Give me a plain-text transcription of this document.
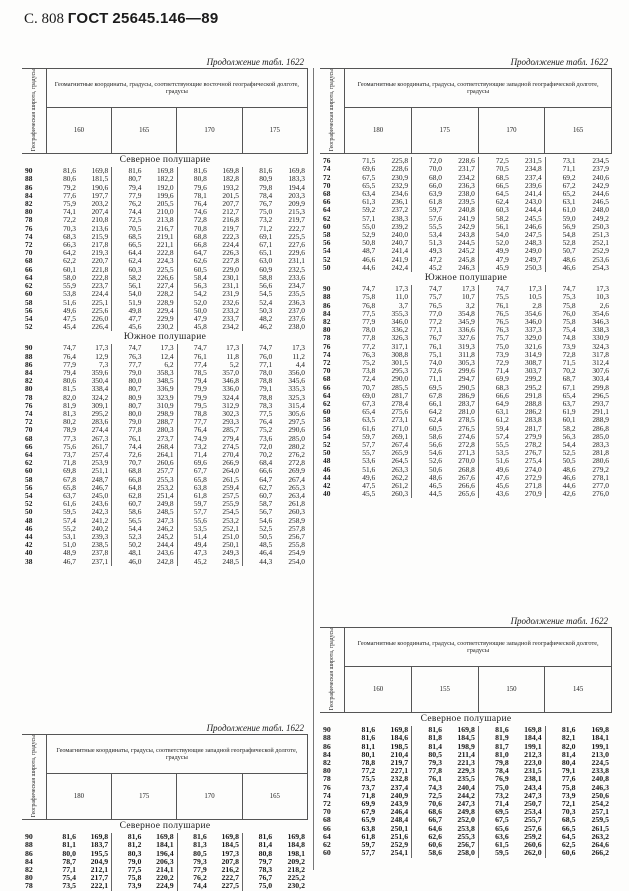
С. 808 ГОСТ 25645.146—89
Продолжение табл. 1622
Географическая широта, градусы	Геомагнитные координаты, градусы, соответствующие восточной географической долготе, градусы			
	160	165	170	175
Северное полушарие
90	81,6	169,8	81,6	169,8	81,6	169,8	81,6	169,8
88	80,6	181,5	80,7	182,2	80,8	182,8	80,9	183,3
86	79,2	190,6	79,4	192,0	79,6	193,2	79,8	194,4
84	77,6	197,7	77,9	199,6	78,1	201,5	78,4	203,3
82	75,9	203,2	76,2	205,5	76,4	207,7	76,7	209,9
80	74,1	207,4	74,4	210,0	74,6	212,7	75,0	215,3
78	72,2	210,8	72,5	213,8	72,8	216,8	73,2	219,7
76	70,3	213,6	70,5	216,7	70,8	219,7	71,2	222,7
74	68,3	215,9	68,5	219,1	68,8	222,3	69,1	225,5
72	66,3	217,8	66,5	221,1	66,8	224,4	67,1	227,6
70	64,2	219,3	64,4	222,8	64,7	226,3	65,1	229,6
68	62,2	220,7	62,4	224,3	62,6	227,8	63,0	231,1
66	60,1	221,8	60,3	225,5	60,5	229,0	60,9	232,5
64	58,0	222,8	58,2	226,6	58,4	230,1	58,8	233,6
62	55,9	223,7	56,1	227,4	56,3	231,1	56,6	234,7
60	53,8	224,4	54,0	228,2	54,2	231,9	54,5	235,5
58	51,6	225,1	51,9	228,9	52,0	232,6	52,4	236,3
56	49,6	225,6	49,8	229,4	50,0	233,2	50,3	237,0
54	47,5	226,0	47,7	229,9	47,9	233,7	48,2	237,6
52	45,4	226,4	45,6	230,2	45,8	234,2	46,2	238,0
Южное полушарие
90	74,7	17,3	74,7	17,3	74,7	17,3	74,7	17,3
88	76,4	12,9	76,3	12,4	76,1	11,8	76,0	11,2
86	77,9	7,3	77,7	6,2	77,4	5,2	77,1	4,4
84	79,4	359,6	79,0	358,3	78,5	357,0	78,0	356,0
82	80,6	350,4	80,0	348,5	79,4	346,8	78,8	345,6
80	81,5	338,4	80,7	336,9	79,9	336,0	79,1	335,3
78	82,0	324,2	80,9	323,9	79,9	324,4	78,8	325,3
76	81,9	309,1	80,7	310,9	79,5	312,9	78,3	315,4
74	81,3	295,2	80,0	298,9	78,8	302,3	77,5	305,6
72	80,2	283,6	79,0	288,7	77,7	293,3	76,4	297,5
70	78,9	274,4	77,8	280,3	76,4	285,7	75,2	290,6
68	77,3	267,3	76,1	273,7	74,9	279,4	73,6	285,0
66	75,6	261,7	74,4	268,4	73,2	274,5	72,0	280,2
64	73,7	257,4	72,6	264,1	71,4	270,4	70,2	276,2
62	71,8	253,9	70,7	260,6	69,6	266,9	68,4	272,8
60	69,8	251,1	68,8	257,7	67,7	264,0	66,6	269,9
58	67,8	248,7	66,8	255,3	65,8	261,5	64,7	267,4
56	65,8	246,7	64,8	253,2	63,8	259,4	62,7	265,3
54	63,7	245,0	62,8	251,4	61,8	257,5	60,7	263,4
52	61,6	243,6	60,7	249,8	59,7	255,9	58,7	261,8
50	59,5	242,3	58,6	248,5	57,7	254,5	56,7	260,3
48	57,4	241,2	56,5	247,3	55,6	253,2	54,6	258,9
46	55,2	240,2	54,4	246,2	53,5	252,1	52,5	257,8
44	53,1	239,3	52,3	245,2	51,4	251,0	50,5	256,7
42	51,0	238,5	50,2	244,4	49,4	250,1	48,5	255,8
40	48,9	237,8	48,1	243,6	47,3	249,3	46,4	254,9
38	46,7	237,1	46,0	242,8	45,2	248,5	44,3	254,0
Продолжение табл. 1622
Географическая широта, градусы	Геомагнитные координаты, градусы, соответствующие западной географической долготе, градусы			
	180	175	170	165
Северное полушарие
90	81,6	169,8	81,6	169,8	81,6	169,8	81,6	169,8
88	81,1	183,7	81,2	184,1	81,3	184,5	81,4	184,8
86	80,0	195,5	80,3	196,4	80,5	197,3	80,8	198,1
84	78,7	204,9	79,0	206,3	79,3	207,8	79,7	209,2
82	77,1	212,1	77,5	214,1	77,9	216,2	78,3	218,2
80	75,4	217,7	75,8	220,2	76,2	222,7	76,7	225,2
78	73,5	222,1	73,9	224,9	74,4	227,5	75,0	230,2
Продолжение табл. 1622
Географическая широта, градусы	Геомагнитные координаты, градусы, соответствующие западной географической долготе, градусы			
	180	175	170	165
76	71,5	225,8	72,0	228,6	72,5	231,5	73,1	234,5
74	69,6	228,6	70,0	231,7	70,5	234,8	71,1	237,9
72	67,5	230,9	68,0	234,2	68,5	237,4	69,2	240,6
70	65,5	232,9	66,0	236,3	66,5	239,6	67,2	242,9
68	63,4	234,6	63,9	238,0	64,5	241,4	65,2	244,6
66	61,3	236,1	61,8	239,5	62,4	243,0	63,1	246,5
64	59,2	237,2	59,7	240,8	60,3	244,4	61,0	248,0
62	57,1	238,3	57,6	241,9	58,2	245,5	59,0	249,2
60	55,0	239,2	55,5	242,9	56,1	246,6	56,9	250,3
58	52,9	240,0	53,4	243,8	54,0	247,5	54,8	251,3
56	50,8	240,7	51,3	244,5	52,0	248,3	52,8	252,1
54	48,7	241,4	49,3	245,2	49,9	249,0	50,7	252,9
52	46,6	241,9	47,2	245,8	47,9	249,7	48,6	253,6
50	44,6	242,4	45,2	246,3	45,9	250,3	46,6	254,3
Южное полушарие
90	74,7	17,3	74,7	17,3	74,7	17,3	74,7	17,3
88	75,8	11,0	75,7	10,7	75,5	10,5	75,3	10,3
86	76,8	3,7	76,5	3,2	76,1	2,8	75,8	2,6
84	77,5	355,3	77,0	354,8	76,5	354,6	76,0	354,6
82	77,9	346,0	77,2	345,9	76,5	346,0	75,8	346,3
80	78,0	336,2	77,1	336,6	76,3	337,3	75,4	338,3
78	77,8	326,3	76,7	327,6	75,7	329,0	74,8	330,9
76	77,2	317,1	76,1	319,3	75,0	321,6	73,9	324,3
74	76,3	308,8	75,1	311,8	73,9	314,9	72,8	317,8
72	75,2	301,5	74,0	305,3	72,9	308,7	71,5	312,4
70	73,8	295,3	72,6	299,6	71,4	303,7	70,2	307,6
68	72,4	290,0	71,1	294,7	69,9	299,2	68,7	303,4
66	70,7	285,5	69,5	290,5	68,3	295,2	67,1	299,8
64	69,0	281,7	67,8	286,9	66,6	291,8	65,4	296,5
62	67,3	278,4	66,1	283,7	64,9	288,8	63,7	293,7
60	65,4	275,6	64,2	281,0	63,1	286,2	61,9	291,1
58	63,5	273,1	62,4	278,5	61,2	283,8	60,1	288,9
56	61,6	271,0	60,5	276,5	59,4	281,7	58,2	286,8
54	59,7	269,1	58,6	274,6	57,4	279,9	56,3	285,0
52	57,7	267,4	56,6	272,8	55,5	278,2	54,4	283,3
50	55,7	265,9	54,6	271,3	53,5	276,7	52,5	281,8
48	53,6	264,5	52,6	270,0	51,6	275,4	50,5	280,6
46	51,6	263,3	50,6	268,8	49,6	274,0	48,6	279,2
44	49,6	262,2	48,6	267,6	47,6	272,9	46,6	278,1
42	47,5	261,2	46,5	266,6	45,6	271,8	44,6	277,0
40	45,5	260,3	44,5	265,6	43,6	270,9	42,6	276,0
Продолжение табл. 1622
Географическая широта, градусы	Геомагнитные координаты, градусы, соответствующие западной географической долготе, градусы			
	160	155	150	145
Северное полушарие
90	81,6	169,8	81,6	169,8	81,6	169,8	81,6	169,8
88	81,6	184,6	81,8	184,5	81,9	184,4	82,1	184,1
86	81,1	198,5	81,4	198,9	81,7	199,1	82,0	199,1
84	80,1	210,4	80,5	211,4	81,0	212,3	81,4	213,0
82	78,8	219,7	79,3	221,3	79,8	223,0	80,4	224,5
80	77,2	227,1	77,8	229,3	78,4	231,5	79,1	233,8
78	75,5	232,8	76,1	235,5	76,9	238,1	77,6	240,8
76	73,7	237,4	74,3	240,4	75,0	243,4	75,8	246,3
74	71,8	240,9	72,5	244,2	73,2	247,3	73,9	250,6
72	69,9	243,9	70,6	247,3	71,4	250,7	72,1	254,2
70	67,9	246,4	68,6	249,8	69,5	253,4	70,3	257,1
68	65,9	248,4	66,7	252,0	67,5	255,7	68,5	259,5
66	63,8	250,1	64,6	253,8	65,6	257,6	66,5	261,5
64	61,8	251,6	62,6	255,3	63,6	259,2	64,5	263,2
62	59,7	252,9	60,6	256,7	61,5	260,6	62,5	264,6
60	57,7	254,1	58,6	258,0	59,5	262,0	60,6	266,2
